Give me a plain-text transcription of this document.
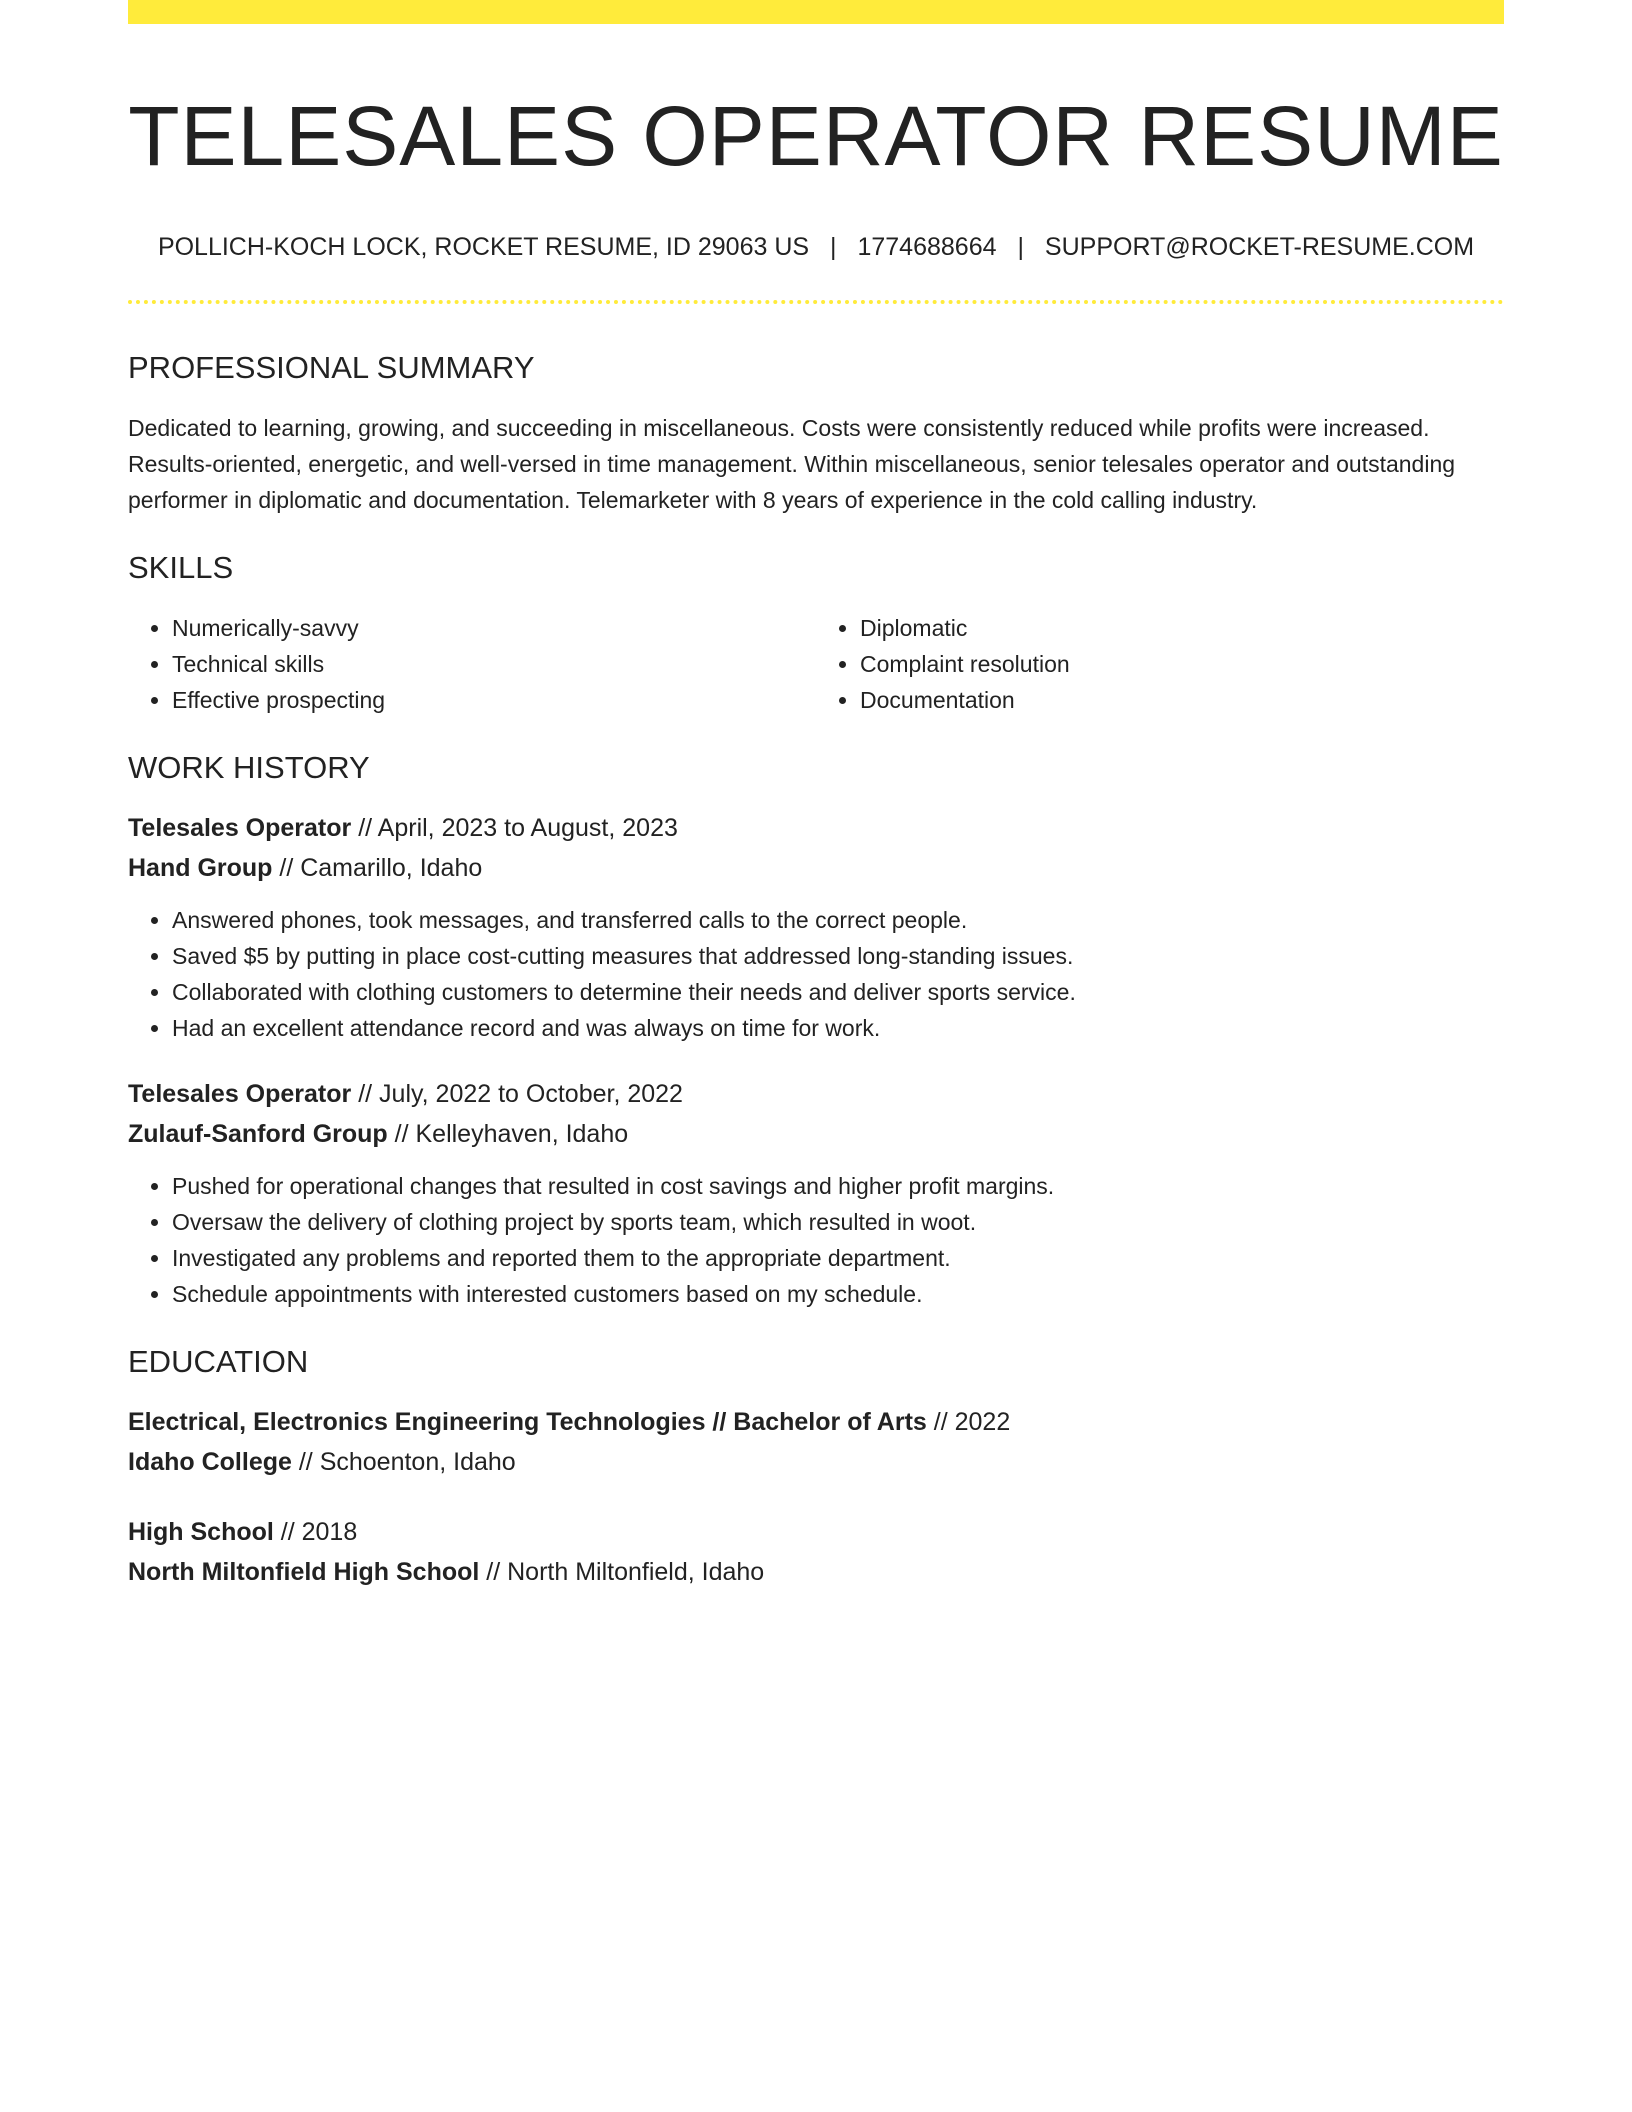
TELESALES OPERATOR RESUME
POLLICH-KOCH LOCK, ROCKET RESUME, ID 29063 US | 1774688664 | SUPPORT@ROCKET-RESUME.COM
PROFESSIONAL SUMMARY
Dedicated to learning, growing, and succeeding in miscellaneous. Costs were consistently reduced while profits were increased. Results-oriented, energetic, and well-versed in time management. Within miscellaneous, senior telesales operator and outstanding performer in diplomatic and documentation. Telemarketer with 8 years of experience in the cold calling industry.
SKILLS
• Numerically-savvy
• Technical skills
• Effective prospecting
• Diplomatic
• Complaint resolution
• Documentation
WORK HISTORY
Telesales Operator // April, 2023 to August, 2023
Hand Group // Camarillo, Idaho
• Answered phones, took messages, and transferred calls to the correct people.
• Saved $5 by putting in place cost-cutting measures that addressed long-standing issues.
• Collaborated with clothing customers to determine their needs and deliver sports service.
• Had an excellent attendance record and was always on time for work.
Telesales Operator // July, 2022 to October, 2022
Zulauf-Sanford Group // Kelleyhaven, Idaho
• Pushed for operational changes that resulted in cost savings and higher profit margins.
• Oversaw the delivery of clothing project by sports team, which resulted in woot.
• Investigated any problems and reported them to the appropriate department.
• Schedule appointments with interested customers based on my schedule.
EDUCATION
Electrical, Electronics Engineering Technologies // Bachelor of Arts // 2022
Idaho College // Schoenton, Idaho
High School // 2018
North Miltonfield High School // North Miltonfield, Idaho
